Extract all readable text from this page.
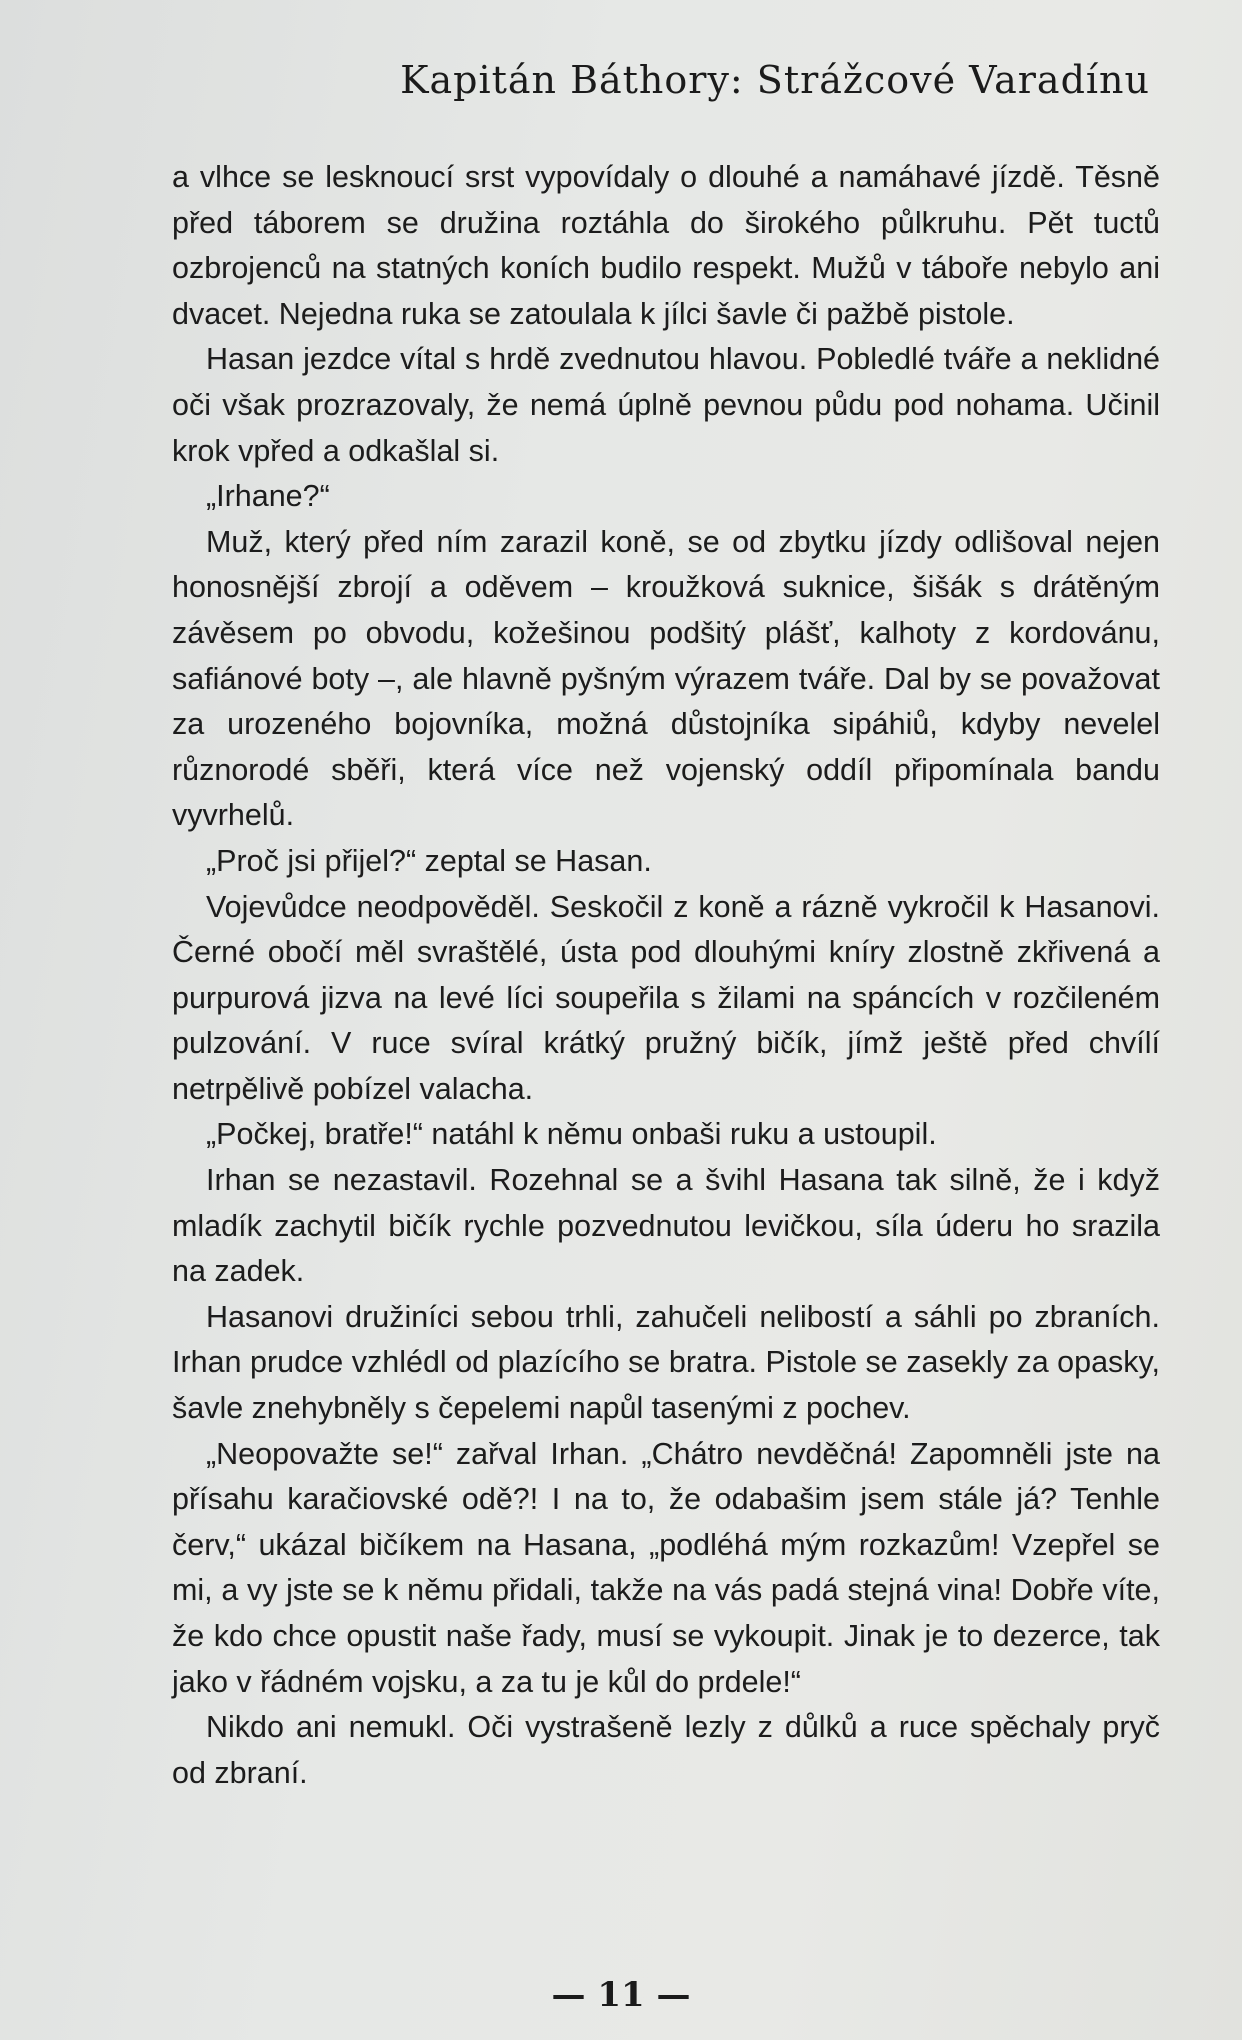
Kapitán Báthory: Strážcové Varadínu

a vlhce se lesknoucí srst vypovídaly o dlouhé a namáhavé jízdě. Těsně před táborem se družina roztáhla do širokého půlkruhu. Pět tuctů ozbrojenců na statných koních budilo respekt. Mužů v táboře nebylo ani dvacet. Nejedna ruka se zatoulala k jílci šavle či pažbě pistole.

Hasan jezdce vítal s hrdě zvednutou hlavou. Pobledlé tváře a neklidné oči však prozrazovaly, že nemá úplně pevnou půdu pod nohama. Učinil krok vpřed a odkašlal si.

„Irhane?“

Muž, který před ním zarazil koně, se od zbytku jízdy odlišoval nejen honosnější zbrojí a oděvem – kroužková suknice, šišák s drátěným závěsem po obvodu, kožešinou podšitý plášť, kalhoty z kordovánu, safiánové boty –, ale hlavně pyšným výrazem tváře. Dal by se považovat za urozeného bojovníka, možná důstojníka sipáhiů, kdyby nevelel různorodé sběři, která více než vojenský oddíl připomínala bandu vyvrhelů.

„Proč jsi přijel?“ zeptal se Hasan.

Vojevůdce neodpověděl. Seskočil z koně a rázně vykročil k Hasanovi. Černé obočí měl svraštělé, ústa pod dlouhými kníry zlostně zkřivená a purpurová jizva na levé líci soupeřila s žilami na spáncích v rozčileném pulzování. V ruce svíral krátký pružný bičík, jímž ještě před chvílí netrpělivě pobízel valacha.

„Počkej, bratře!“ natáhl k němu onbaši ruku a ustoupil.

Irhan se nezastavil. Rozehnal se a švihl Hasana tak silně, že i když mladík zachytil bičík rychle pozvednutou levičkou, síla úderu ho srazila na zadek.

Hasanovi družiníci sebou trhli, zahučeli nelibostí a sáhli po zbraních. Irhan prudce vzhlédl od plazícího se bratra. Pistole se zasekly za opasky, šavle znehybněly s čepelemi napůl tasenými z pochev.

„Neopovažte se!“ zařval Irhan. „Chátro nevděčná! Zapomněli jste na přísahu karačiovské odě?! I na to, že odabašim jsem stále já? Tenhle červ,“ ukázal bičíkem na Hasana, „podléhá mým rozkazům! Vzepřel se mi, a vy jste se k němu přidali, takže na vás padá stejná vina! Dobře víte, že kdo chce opustit naše řady, musí se vykoupit. Jinak je to dezerce, tak jako v řádném vojsku, a za tu je kůl do prdele!“

Nikdo ani nemukl. Oči vystrašeně lezly z důlků a ruce spěchaly pryč od zbraní.

— 11 —
